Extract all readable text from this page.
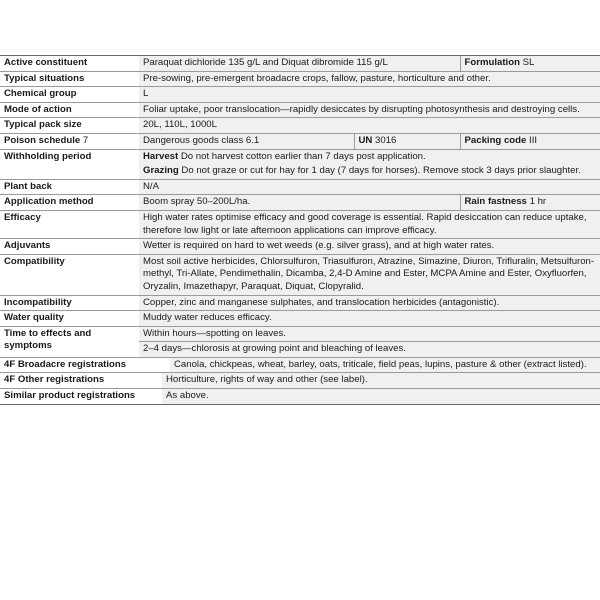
Active constituent	Paraquat dichloride 135 g/L and Diquat dibromide 115 g/L		Formulation SL
Typical situations	Pre-sowing, pre-emergent broadacre crops, fallow, pasture, horticulture and other.		
Chemical group	L		
Mode of action	Foliar uptake, poor translocation—rapidly desiccates by disrupting photosynthesis and destroying cells.		
Typical pack size	20L, 110L, 1000L		
Poison schedule 7	Dangerous goods class 6.1	UN 3016	Packing code III
Withholding period	Harvest Do not harvest cotton earlier than 7 days post application.		
	Grazing Do not graze or cut for hay for 1 day (7 days for horses). Remove stock 3 days prior slaughter.		
Plant back	N/A		
Application method	Boom spray 50–200L/ha.		Rain fastness 1 hr
Efficacy	High water rates optimise efficacy and good coverage is essential. Rapid desiccation can reduce uptake, therefore low light or late afternoon applications can improve efficacy.		
Adjuvants	Wetter is required on hard to wet weeds (e.g. silver grass), and at high water rates.		
Compatibility	Most soil active herbicides, Chlorsulfuron, Triasulfuron, Atrazine, Simazine, Diuron, Trifluralin, Metsulfuron-methyl, Tri-Allate, Pendimethalin, Dicamba, 2,4-D Amine and Ester, MCPA Amine and Ester, Oxyfluorfen, Oryzalin, Imazethapyr, Paraquat, Diquat, Clopyralid.		
Incompatibility	Copper, zinc and manganese sulphates, and translocation herbicides (antagonistic).		
Water quality	Muddy water reduces efficacy.		
Time to effects and symptoms	Within hours—spotting on leaves.
2–4 days—chlorosis at growing point and bleaching of leaves.		

4F Broadacre registrations Canola, chickpeas, wheat, barley, oats, triticale, field peas, lupins, pasture & other (extract listed).			

4F Other registrations Horticulture, rights of way and other (see label).			

Similar product registrations As above.			
